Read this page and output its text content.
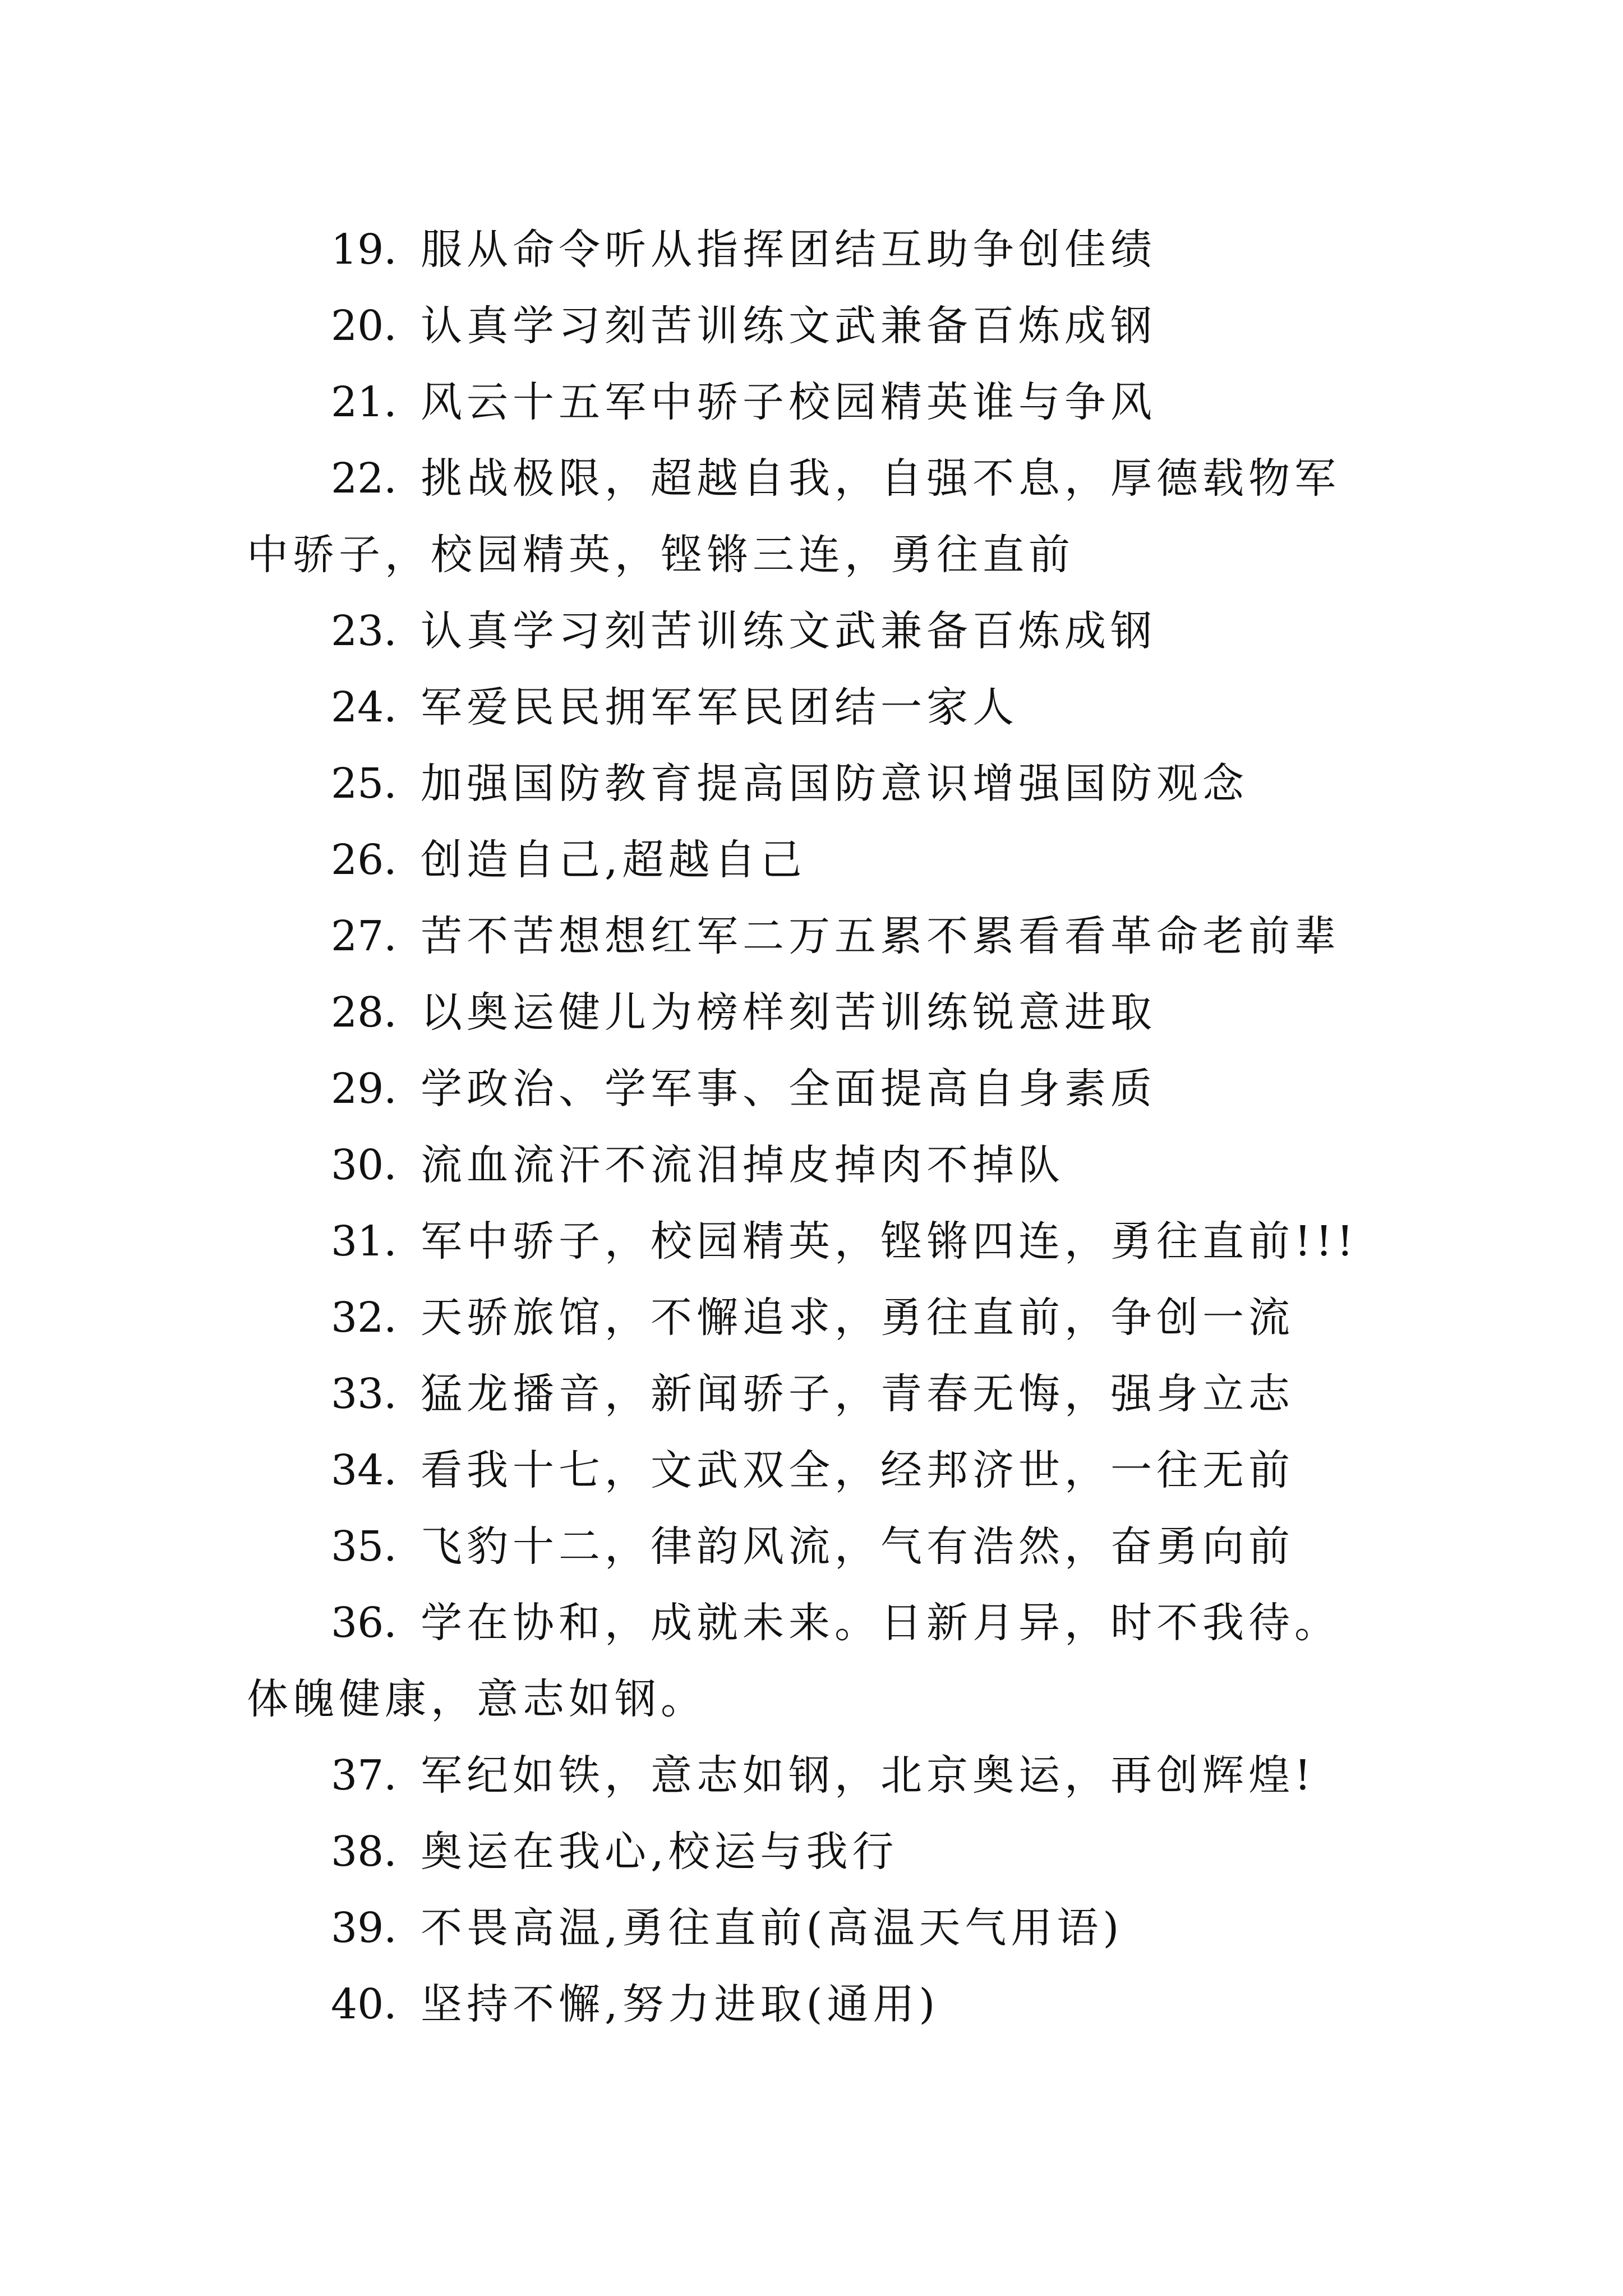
19. 服从命令听从指挥团结互助争创佳绩

20. 认真学习刻苦训练文武兼备百炼成钢

21. 风云十五军中骄子校园精英谁与争风

22. 挑战极限，超越自我，自强不息，厚德载物军中骄子，校园精英，铿锵三连，勇往直前

23. 认真学习刻苦训练文武兼备百炼成钢

24. 军爱民民拥军军民团结一家人

25. 加强国防教育提高国防意识增强国防观念

26. 创造自己,超越自己

27. 苦不苦想想红军二万五累不累看看革命老前辈

28. 以奥运健儿为榜样刻苦训练锐意进取

29. 学政治、学军事、全面提高自身素质

30. 流血流汗不流泪掉皮掉肉不掉队

31. 军中骄子，校园精英，铿锵四连，勇往直前!!!

32. 天骄旅馆，不懈追求，勇往直前，争创一流

33. 猛龙播音，新闻骄子，青春无悔，强身立志

34. 看我十七，文武双全，经邦济世，一往无前

35. 飞豹十二，律韵风流，气有浩然，奋勇向前

36. 学在协和，成就未来。日新月异，时不我待。体魄健康，意志如钢。

37. 军纪如铁，意志如钢，北京奥运，再创辉煌!

38. 奥运在我心,校运与我行

39. 不畏高温,勇往直前(高温天气用语)

40. 坚持不懈,努力进取(通用)
